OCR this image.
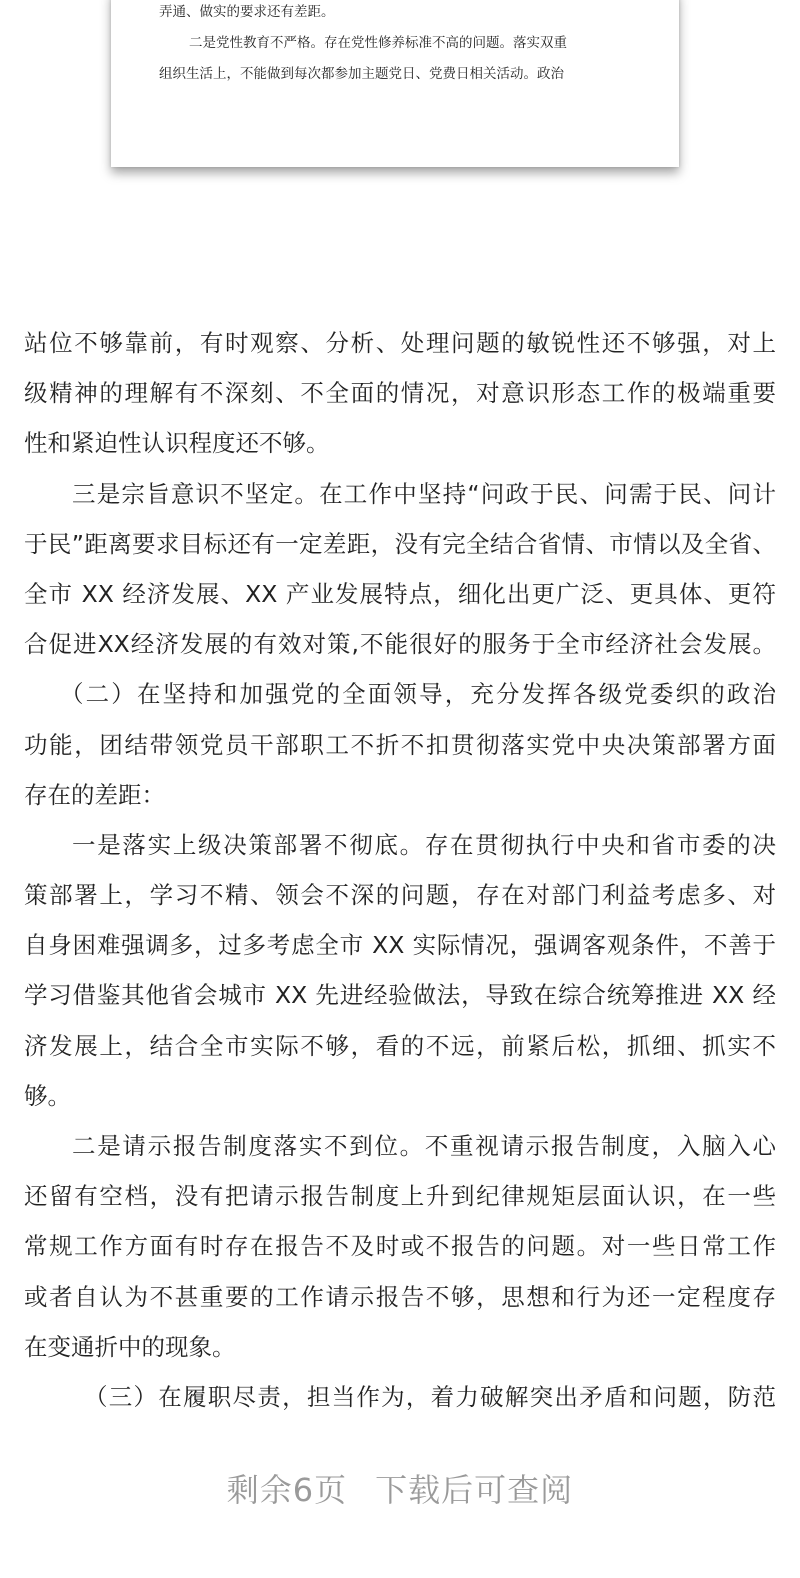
弄通、做实的要求还有差距。
二是党性教育不严格。存在党性修养标准不高的问题。落实双重
组织生活上，不能做到每次都参加主题党日、党费日相关活动。政治
站位不够靠前，有时观察、分析、处理问题的敏锐性还不够强，对上
级精神的理解有不深刻、不全面的情况，对意识形态工作的极端重要
性和紧迫性认识程度还不够。
三是宗旨意识不坚定。在工作中坚持“问政于民、问需于民、问计
于民”距离要求目标还有一定差距，没有完全结合省情、市情以及全省、
全市 XX 经济发展、XX 产业发展特点，细化出更广泛、更具体、更符
合促进XX经济发展的有效对策,不能很好的服务于全市经济社会发展。
（二）在坚持和加强党的全面领导，充分发挥各级党委织的政治
功能，团结带领党员干部职工不折不扣贯彻落实党中央决策部署方面
存在的差距：
一是落实上级决策部署不彻底。存在贯彻执行中央和省市委的决
策部署上，学习不精、领会不深的问题，存在对部门利益考虑多、对
自身困难强调多，过多考虑全市 XX 实际情况，强调客观条件，不善于
学习借鉴其他省会城市 XX 先进经验做法，导致在综合统筹推进 XX 经
济发展上，结合全市实际不够，看的不远，前紧后松，抓细、抓实不
够。
二是请示报告制度落实不到位。不重视请示报告制度，入脑入心
还留有空档，没有把请示报告制度上升到纪律规矩层面认识，在一些
常规工作方面有时存在报告不及时或不报告的问题。对一些日常工作
或者自认为不甚重要的工作请示报告不够，思想和行为还一定程度存
在变通折中的现象。
（三）在履职尽责，担当作为，着力破解突出矛盾和问题，防范
剩余6页 下载后可查阅
